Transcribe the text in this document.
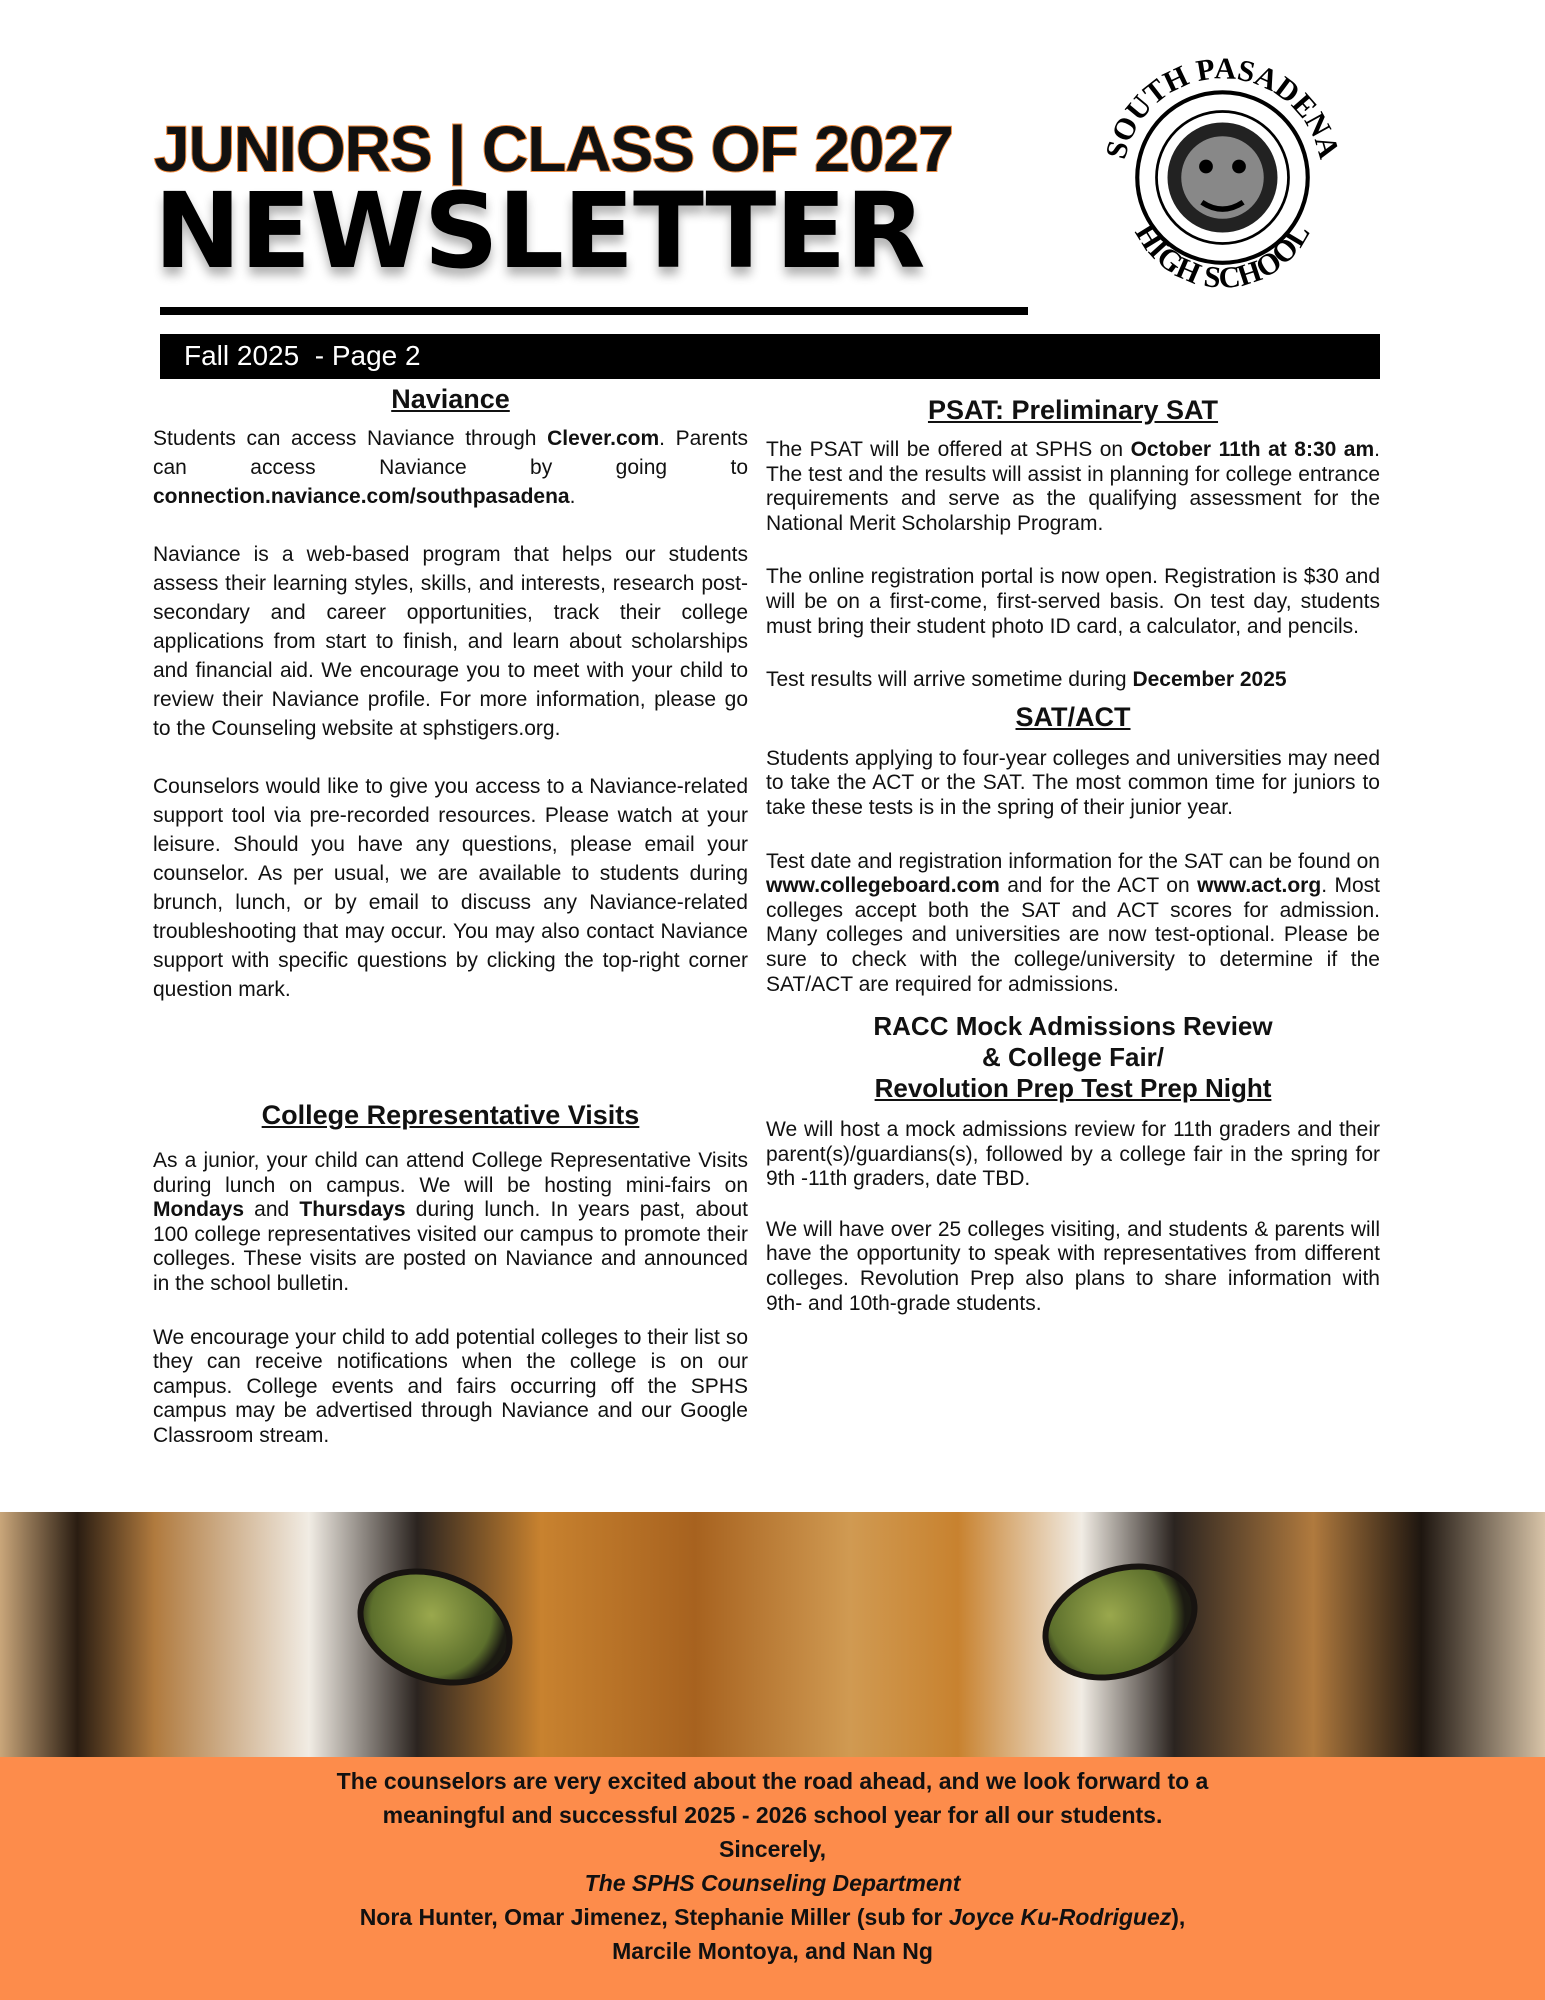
JUNIORS | CLASS OF 2027
NEWSLETTER
Fall 2025  - Page 2
SOUTH PASADENA
HIGH SCHOOL
Naviance

Students can access Naviance through Clever.com. Parents can access Naviance by going to connection.naviance.com/southpasadena.

Naviance is a web-based program that helps our students assess their learning styles, skills, and interests, research post-secondary and career opportunities, track their college applications from start to finish, and learn about scholarships and financial aid. We encourage you to meet with your child to review their Naviance profile. For more information, please go to the Counseling website at sphstigers.org.

Counselors would like to give you access to a Naviance-related support tool via pre-recorded resources. Please watch at your leisure. Should you have any questions, please email your counselor. As per usual, we are available to students during brunch, lunch, or by email to discuss any Naviance-related troubleshooting that may occur. You may also contact Naviance support with specific questions by clicking the top-right corner question mark.

College Representative Visits

As a junior, your child can attend College Representative Visits during lunch on campus. We will be hosting mini-fairs on Mondays and Thursdays during lunch. In years past, about 100 college representatives visited our campus to promote their colleges. These visits are posted on Naviance and announced in the school bulletin.

We encourage your child to add potential colleges to their list so they can receive notifications when the college is on our campus. College events and fairs occurring off the SPHS campus may be advertised through Naviance and our Google Classroom stream.

PSAT: Preliminary SAT

The PSAT will be offered at SPHS on October 11th at 8:30 am. The test and the results will assist in planning for college entrance requirements and serve as the qualifying assessment for the National Merit Scholarship Program.

The online registration portal is now open. Registration is $30 and will be on a first-come, first-served basis. On test day, students must bring their student photo ID card, a calculator, and pencils.

Test results will arrive sometime during December 2025

SAT/ACT

Students applying to four-year colleges and universities may need to take the ACT or the SAT. The most common time for juniors to take these tests is in the spring of their junior year.

Test date and registration information for the SAT can be found on www.collegeboard.com and for the ACT on www.act.org. Most colleges accept both the SAT and ACT scores for admission. Many colleges and universities are now test-optional. Please be sure to check with the college/university to determine if the SAT/ACT are required for admissions.

RACC Mock Admissions Review
& College Fair/
Revolution Prep Test Prep Night

We will host a mock admissions review for 11th graders and their parent(s)/guardians(s), followed by a college fair in the spring for 9th -11th graders, date TBD.

We will have over 25 colleges visiting, and students & parents will have the opportunity to speak with representatives from different colleges. Revolution Prep also plans to share information with 9th- and 10th-grade students.

The counselors are very excited about the road ahead, and we look forward to a
meaningful and successful 2025 - 2026 school year for all our students.
Sincerely,
The SPHS Counseling Department
Nora Hunter, Omar Jimenez, Stephanie Miller (sub for Joyce Ku-Rodriguez),
Marcile Montoya, and Nan Ng
